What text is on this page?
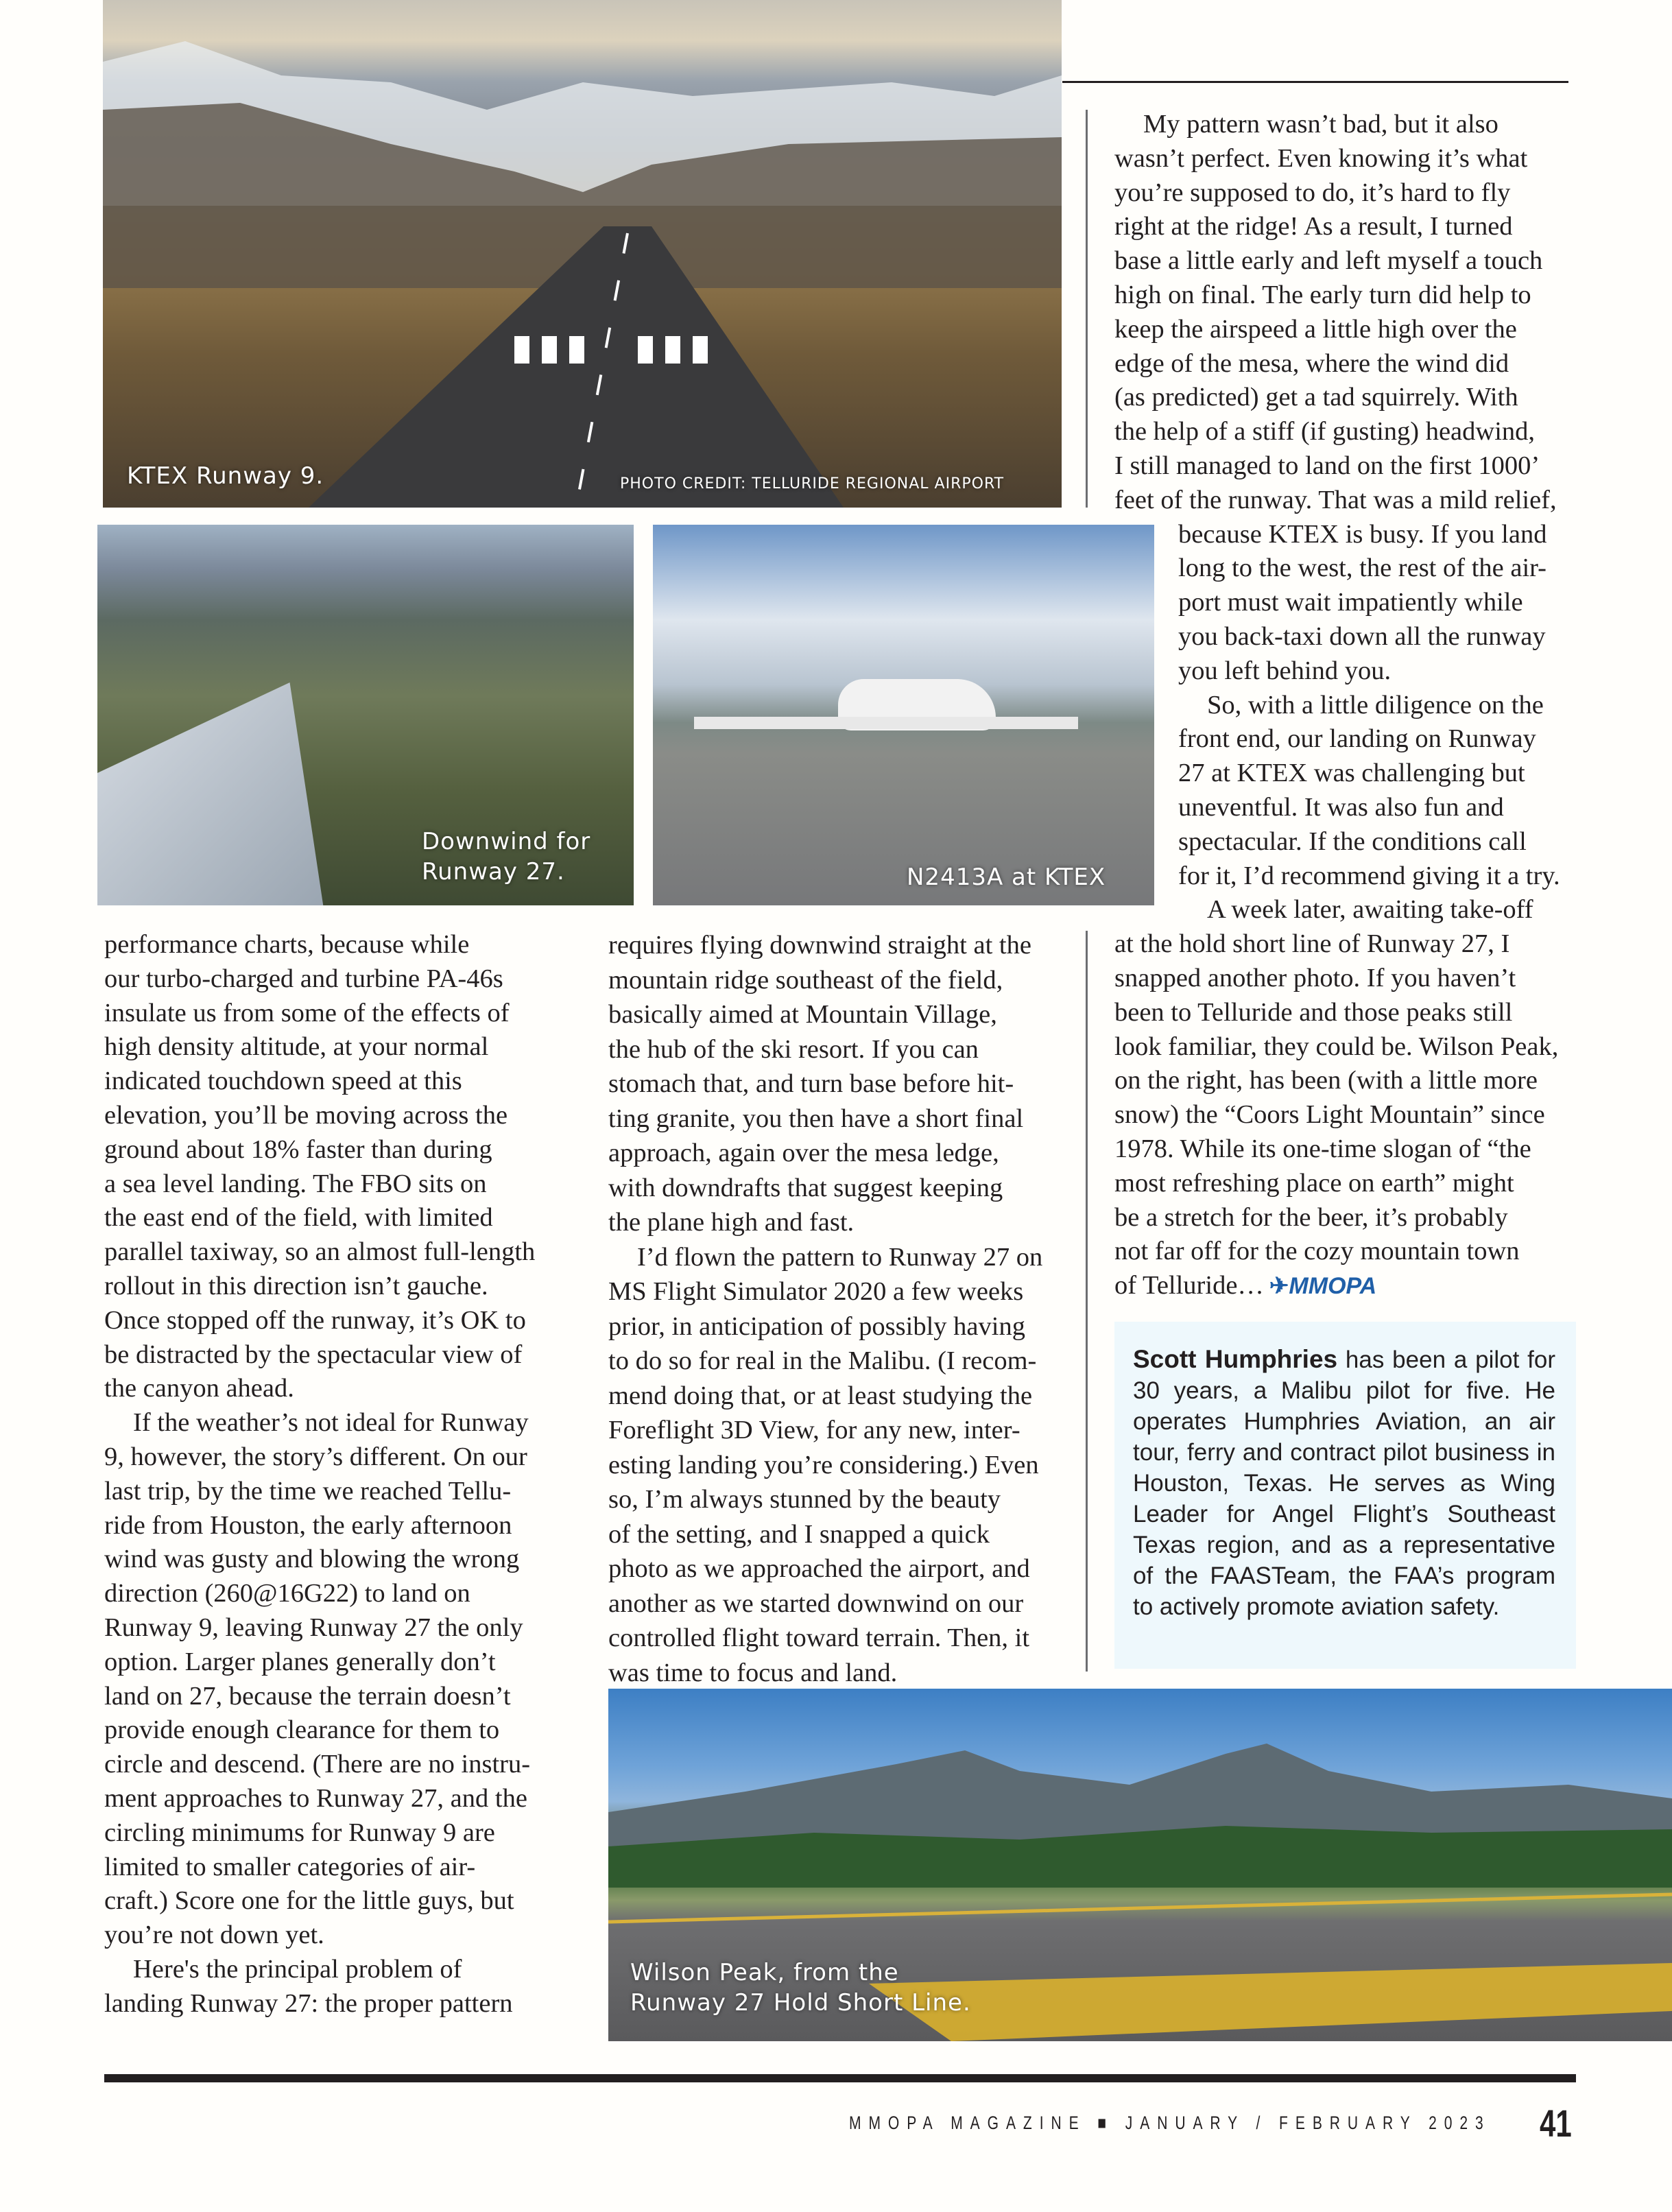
KTEX Runway 9.	PHOTO CREDIT: TELLURIDE REGIONAL AIRPORT
Downwind for
Runway 27.	N2413A at KTEX
performance charts, because while
our turbo-charged and turbine PA-46s
insulate us from some of the effects of
high density altitude, at your normal
indicated touchdown speed at this
elevation, you’ll be moving across the
ground about 18% faster than during
a sea level landing. The FBO sits on
the east end of the field, with limited
parallel taxiway, so an almost full-length
rollout in this direction isn’t gauche.
Once stopped off the runway, it’s OK to
be distracted by the spectacular view of
the canyon ahead.
If the weather’s not ideal for Runway
9, however, the story’s different. On our
last trip, by the time we reached Tellu-
ride from Houston, the early afternoon
wind was gusty and blowing the wrong
direction (260@16G22) to land on
Runway 9, leaving Runway 27 the only
option. Larger planes generally don’t
land on 27, because the terrain doesn’t
provide enough clearance for them to
circle and descend. (There are no instru-
ment approaches to Runway 27, and the
circling minimums for Runway 9 are
limited to smaller categories of air-
craft.) Score one for the little guys, but
you’re not down yet.
Here's the principal problem of
landing Runway 27: the proper pattern
requires flying downwind straight at the
mountain ridge southeast of the field,
basically aimed at Mountain Village,
the hub of the ski resort. If you can
stomach that, and turn base before hit-
ting granite, you then have a short final
approach, again over the mesa ledge,
with downdrafts that suggest keeping
the plane high and fast.
I’d flown the pattern to Runway 27 on
MS Flight Simulator 2020 a few weeks
prior, in anticipation of possibly having
to do so for real in the Malibu. (I recom-
mend doing that, or at least studying the
Foreflight 3D View, for any new, inter-
esting landing you’re considering.) Even
so, I’m always stunned by the beauty
of the setting, and I snapped a quick
photo as we approached the airport, and
another as we started downwind on our
controlled flight toward terrain. Then, it
was time to focus and land.
My pattern wasn’t bad, but it also
wasn’t perfect. Even knowing it’s what
you’re supposed to do, it’s hard to fly
right at the ridge! As a result, I turned
base a little early and left myself a touch
high on final. The early turn did help to
keep the airspeed a little high over the
edge of the mesa, where the wind did
(as predicted) get a tad squirrely. With
the help of a stiff (if gusting) headwind,
I still managed to land on the first 1000’
feet of the runway. That was a mild relief,
because KTEX is busy. If you land
long to the west, the rest of the air-
port must wait impatiently while
you back-taxi down all the runway
you left behind you.
So, with a little diligence on the
front end, our landing on Runway
27 at KTEX was challenging but
uneventful. It was also fun and
spectacular. If the conditions call
for it, I’d recommend giving it a try.
A week later, awaiting take-off
at the hold short line of Runway 27, I
snapped another photo. If you haven’t
been to Telluride and those peaks still
look familiar, they could be. Wilson Peak,
on the right, has been (with a little more
snow) the “Coors Light Mountain” since
1978. While its one-time slogan of “the
most refreshing place on earth” might
be a stretch for the beer, it’s probably
not far off for the cozy mountain town
of Telluride… ✈MMOPA
Scott Humphries has been a pilot for 30 years, a Malibu pilot for five. He operates Humphries Aviation, an air tour, ferry and contract pilot business in Houston, Texas. He serves as Wing Leader for Angel Flight’s Southeast Texas region, and as a representative of the FAASTeam, the FAA’s program to actively promote aviation safety.
Wilson Peak, from the
Runway 27 Hold Short Line.
MMOPA MAGAZINE ■ JANUARY / FEBRUARY 2023 41
